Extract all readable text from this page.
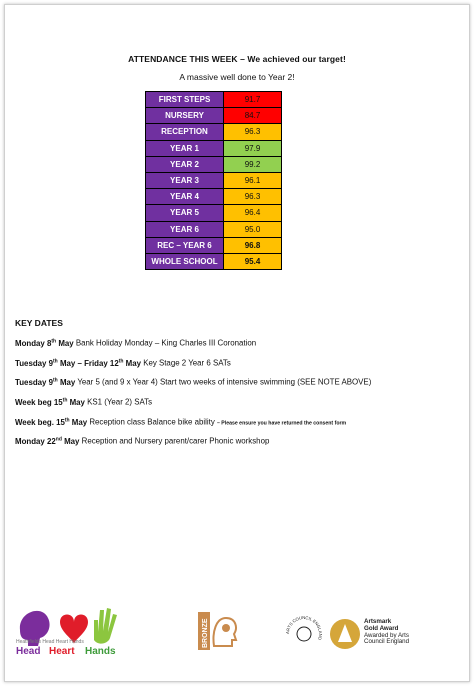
ATTENDANCE THIS WEEK – We achieved our target!
A massive well done to Year 2!
FIRST STEPS	91.7
NURSERY	84.7
RECEPTION	96.3
YEAR 1	97.9
YEAR 2	99.2
YEAR 3	96.1
YEAR 4	96.3
YEAR 5	96.4
YEAR 6	95.0
REC – YEAR 6	96.8
WHOLE SCHOOL	95.4
KEY DATES
Monday 8th May Bank Holiday Monday – King Charles III Coronation
Tuesday 9th May – Friday 12th May Key Stage 2 Year 6 SATs
Tuesday 9th May Year 5 (and 9 x Year 4) Start two weeks of intensive swimming (SEE NOTE ABOVE)
Week beg 15th May KS1 (Year 2) SATs
Week beg. 15th May Reception class Balance bike ability – Please ensure you have returned the consent form
Monday 22nd May Reception and Nursery parent/carer Phonic workshop
Heathfields Head Heart Hands
Head Heart Hands
BRONZE	ARTS COUNCIL ENGLAND
Artsmark
Gold Award
Awarded by Arts
Council England
